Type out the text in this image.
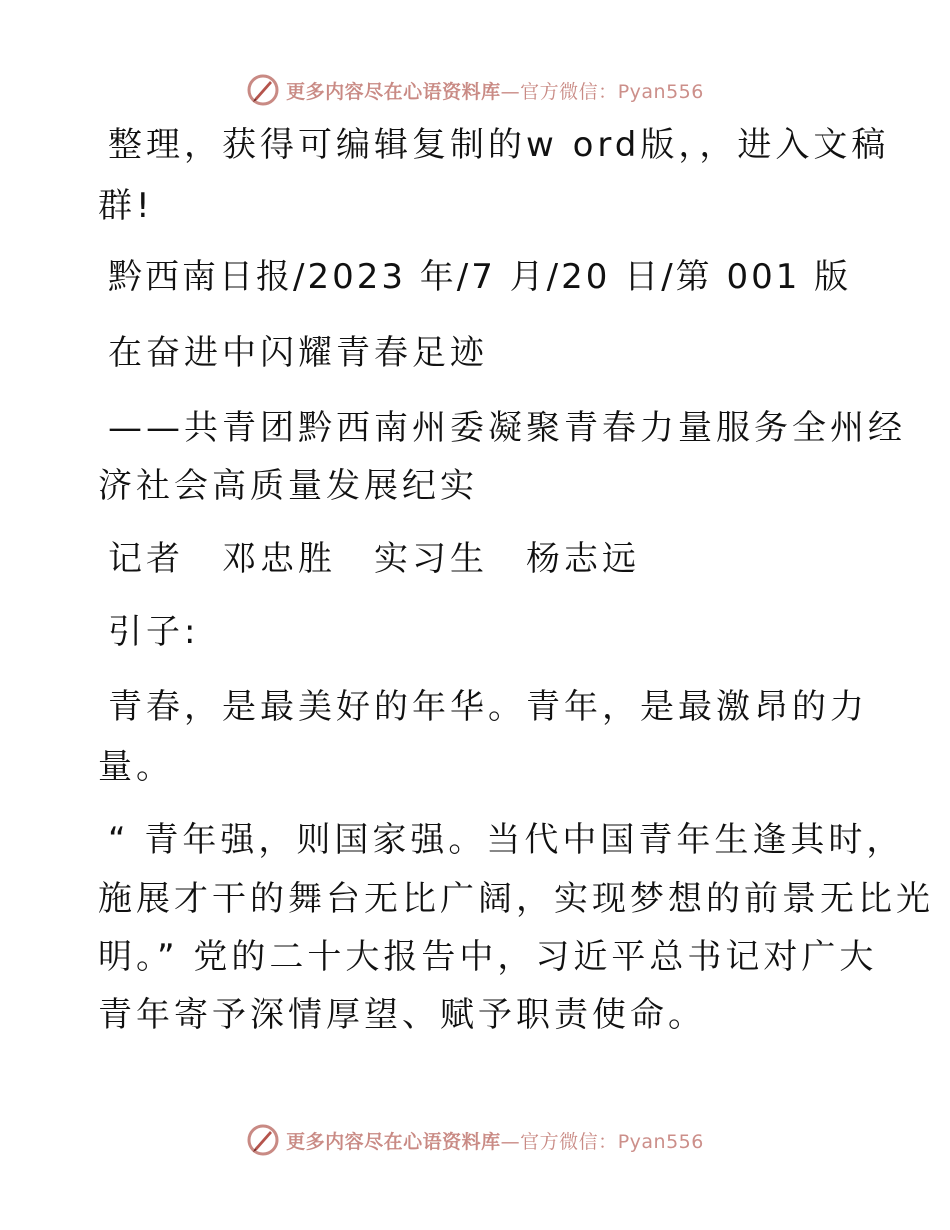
更多内容尽在心语资料库—官方微信：Pyan556
整理，获得可编辑复制的w ord版，，进入文稿
群!
黔西南日报/2023 年/7 月/20 日/第 001 版
在奋进中闪耀青春足迹
——共青团黔西南州委凝聚青春力量服务全州经
济社会高质量发展纪实
记者　邓忠胜　实习生　杨志远
引子:
青春，是最美好的年华。青年，是最激昂的力
量。
“ 青年强，则国家强。当代中国青年生逢其时，
施展才干的舞台无比广阔，实现梦想的前景无比光
明。” 党的二十大报告中，习近平总书记对广大
青年寄予深情厚望、赋予职责使命。
更多内容尽在心语资料库—官方微信：Pyan556
